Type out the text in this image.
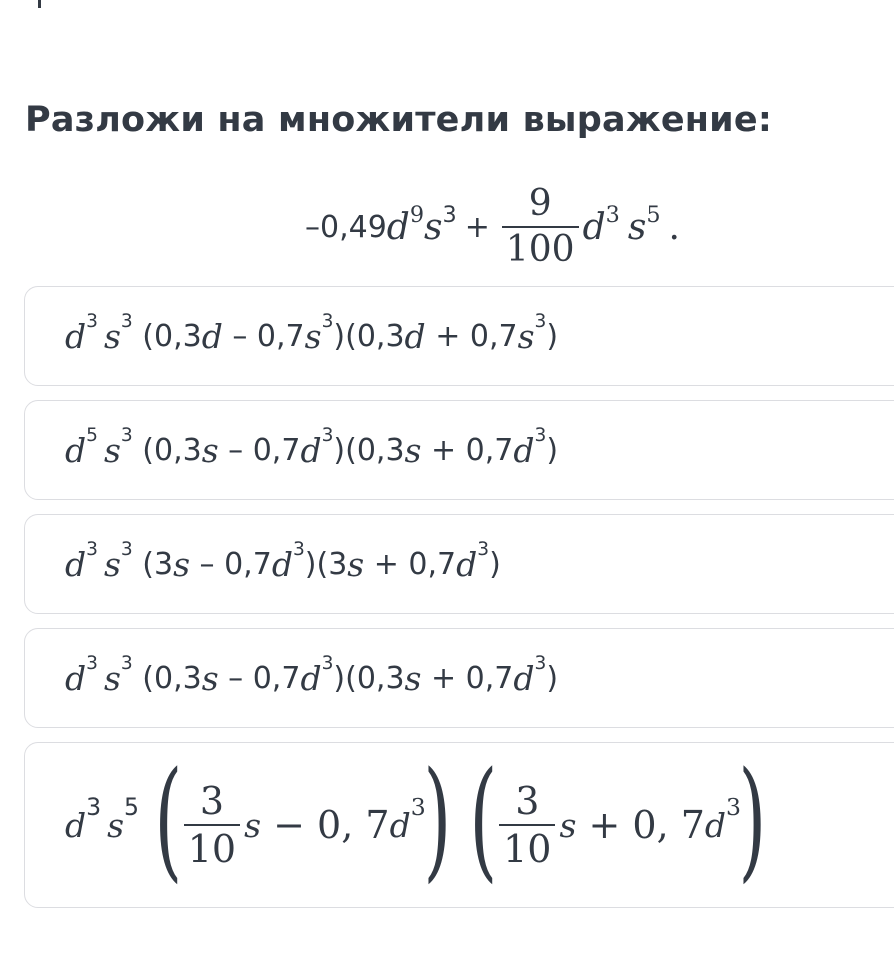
Разложи на множители выражение:
–0,49 $d^9$ $s^3 + \frac{9}{100} d^3$ $s^5$ .
$d^3$ $s^3$ (0,3 d – 0,7 $s^3$ )(0,3 d + 0,7 $s^3$ )
$d^5$ $s^3$ (0,3 s – 0,7 $d^3$ )(0,3 s + 0,7 $d^3$ )
$d^3$ $s^3$ (3 s – 0,7 $d^3$ )(3 s + 0,7 $d^3$ )
$d^3$ $s^3$ (0,3 s – 0,7 $d^3$ )(0,3 s + 0,7 $d^3$ )
$d^3$ $s^5$ ( $\frac{3}{10}$ s − 0, 7 $d^3$
) ( $\frac{3}{10}$ s + 0, 7 $d^3$
)
